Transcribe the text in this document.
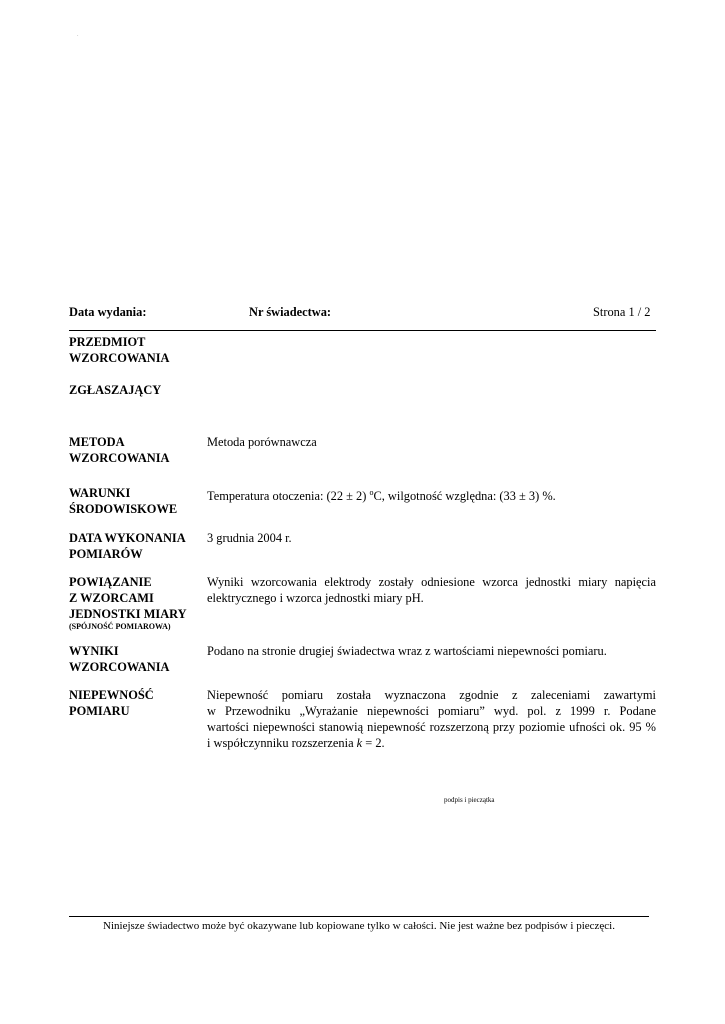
.
Data wydania:	Nr świadectwa:	Strona 1 / 2
PRZEDMIOT
WZORCOWANIA
ZGŁASZAJĄCY
METODA
WZORCOWANIA
Metoda porównawcza
WARUNKI
ŚRODOWISKOWE
Temperatura otoczenia: (22 ± 2) $^o$C, wilgotność względna: (33 ± 3) %.
DATA WYKONANIA
POMIARÓW
3 grudnia 2004 r.
POWIĄZANIE
Z WZORCAMI
JEDNOSTKI MIARY
(SPÓJNOŚĆ POMIAROWA)
Wyniki wzorcowania elektrody zostały odniesione wzorca jednostki miary napięcia
elektrycznego i wzorca jednostki miary pH.
WYNIKI
WZORCOWANIA
Podano na stronie drugiej świadectwa wraz z wartościami niepewności pomiaru.
NIEPEWNOŚĆ
POMIARU
Niepewność pomiaru została wyznaczona zgodnie z zaleceniami zawartymi
w Przewodniku „Wyrażanie niepewności pomiaru” wyd. pol. z 1999 r. Podane
wartości niepewności stanowią niepewność rozszerzoną przy poziomie ufności ok. 95 %
i współczynniku rozszerzenia k = 2.
podpis i pieczątka
Niniejsze świadectwo może być okazywane lub kopiowane tylko w całości. Nie jest ważne bez podpisów i pieczęci.
